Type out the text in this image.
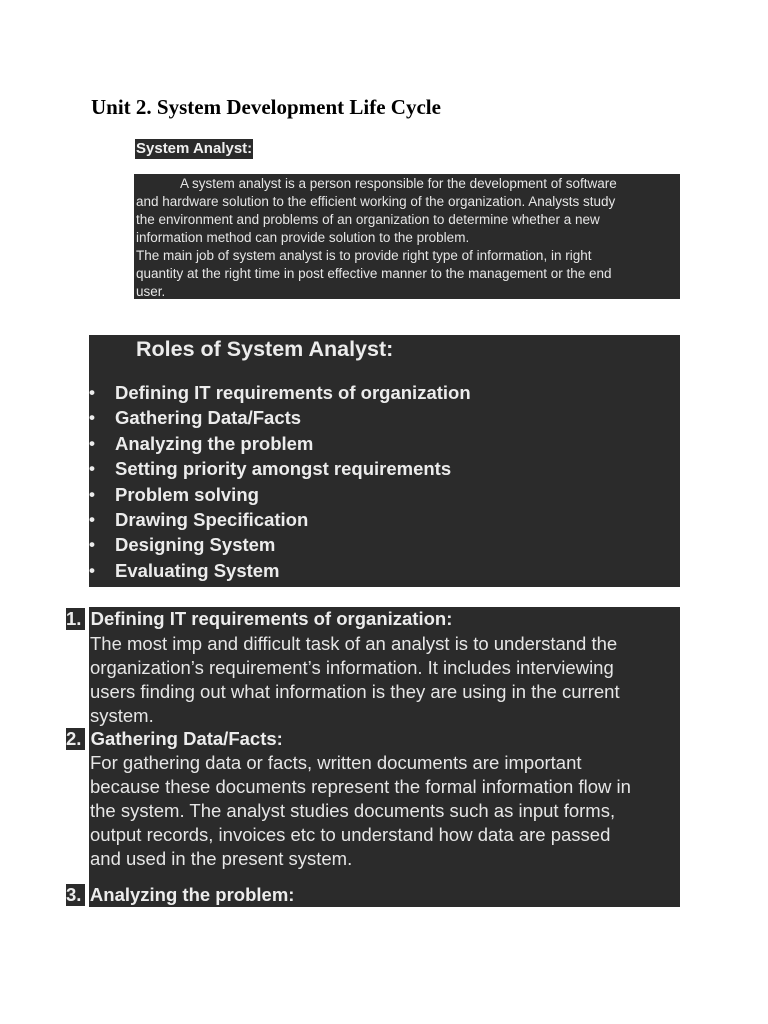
Unit 2. System Development Life Cycle
System Analyst:

A system analyst is a person responsible for the development of software

and hardware solution to the efficient working of the organization. Analysts study

the environment and problems of an organization to determine whether a new

information method can provide solution to the problem.

The main job of system analyst is to provide right type of information, in right

quantity at the right time in post effective manner to the management or the end

user.

Roles of System Analyst:
• Defining IT requirements of organization
• Gathering Data/Facts
• Analyzing the problem
• Setting priority amongst requirements
• Problem solving
• Drawing Specification
• Designing System
• Evaluating System
1. Defining IT requirements of organization:

The most imp and difficult task of an analyst is to understand the

organization’s requirement’s information. It includes interviewing

users finding out what information is they are using in the current

system.

2. Gathering Data/Facts:

For gathering data or facts, written documents are important

because these documents represent the formal information flow in

the system. The analyst studies documents such as input forms,

output records, invoices etc to understand how data are passed

and used in the present system.

3. Analyzing the problem:
